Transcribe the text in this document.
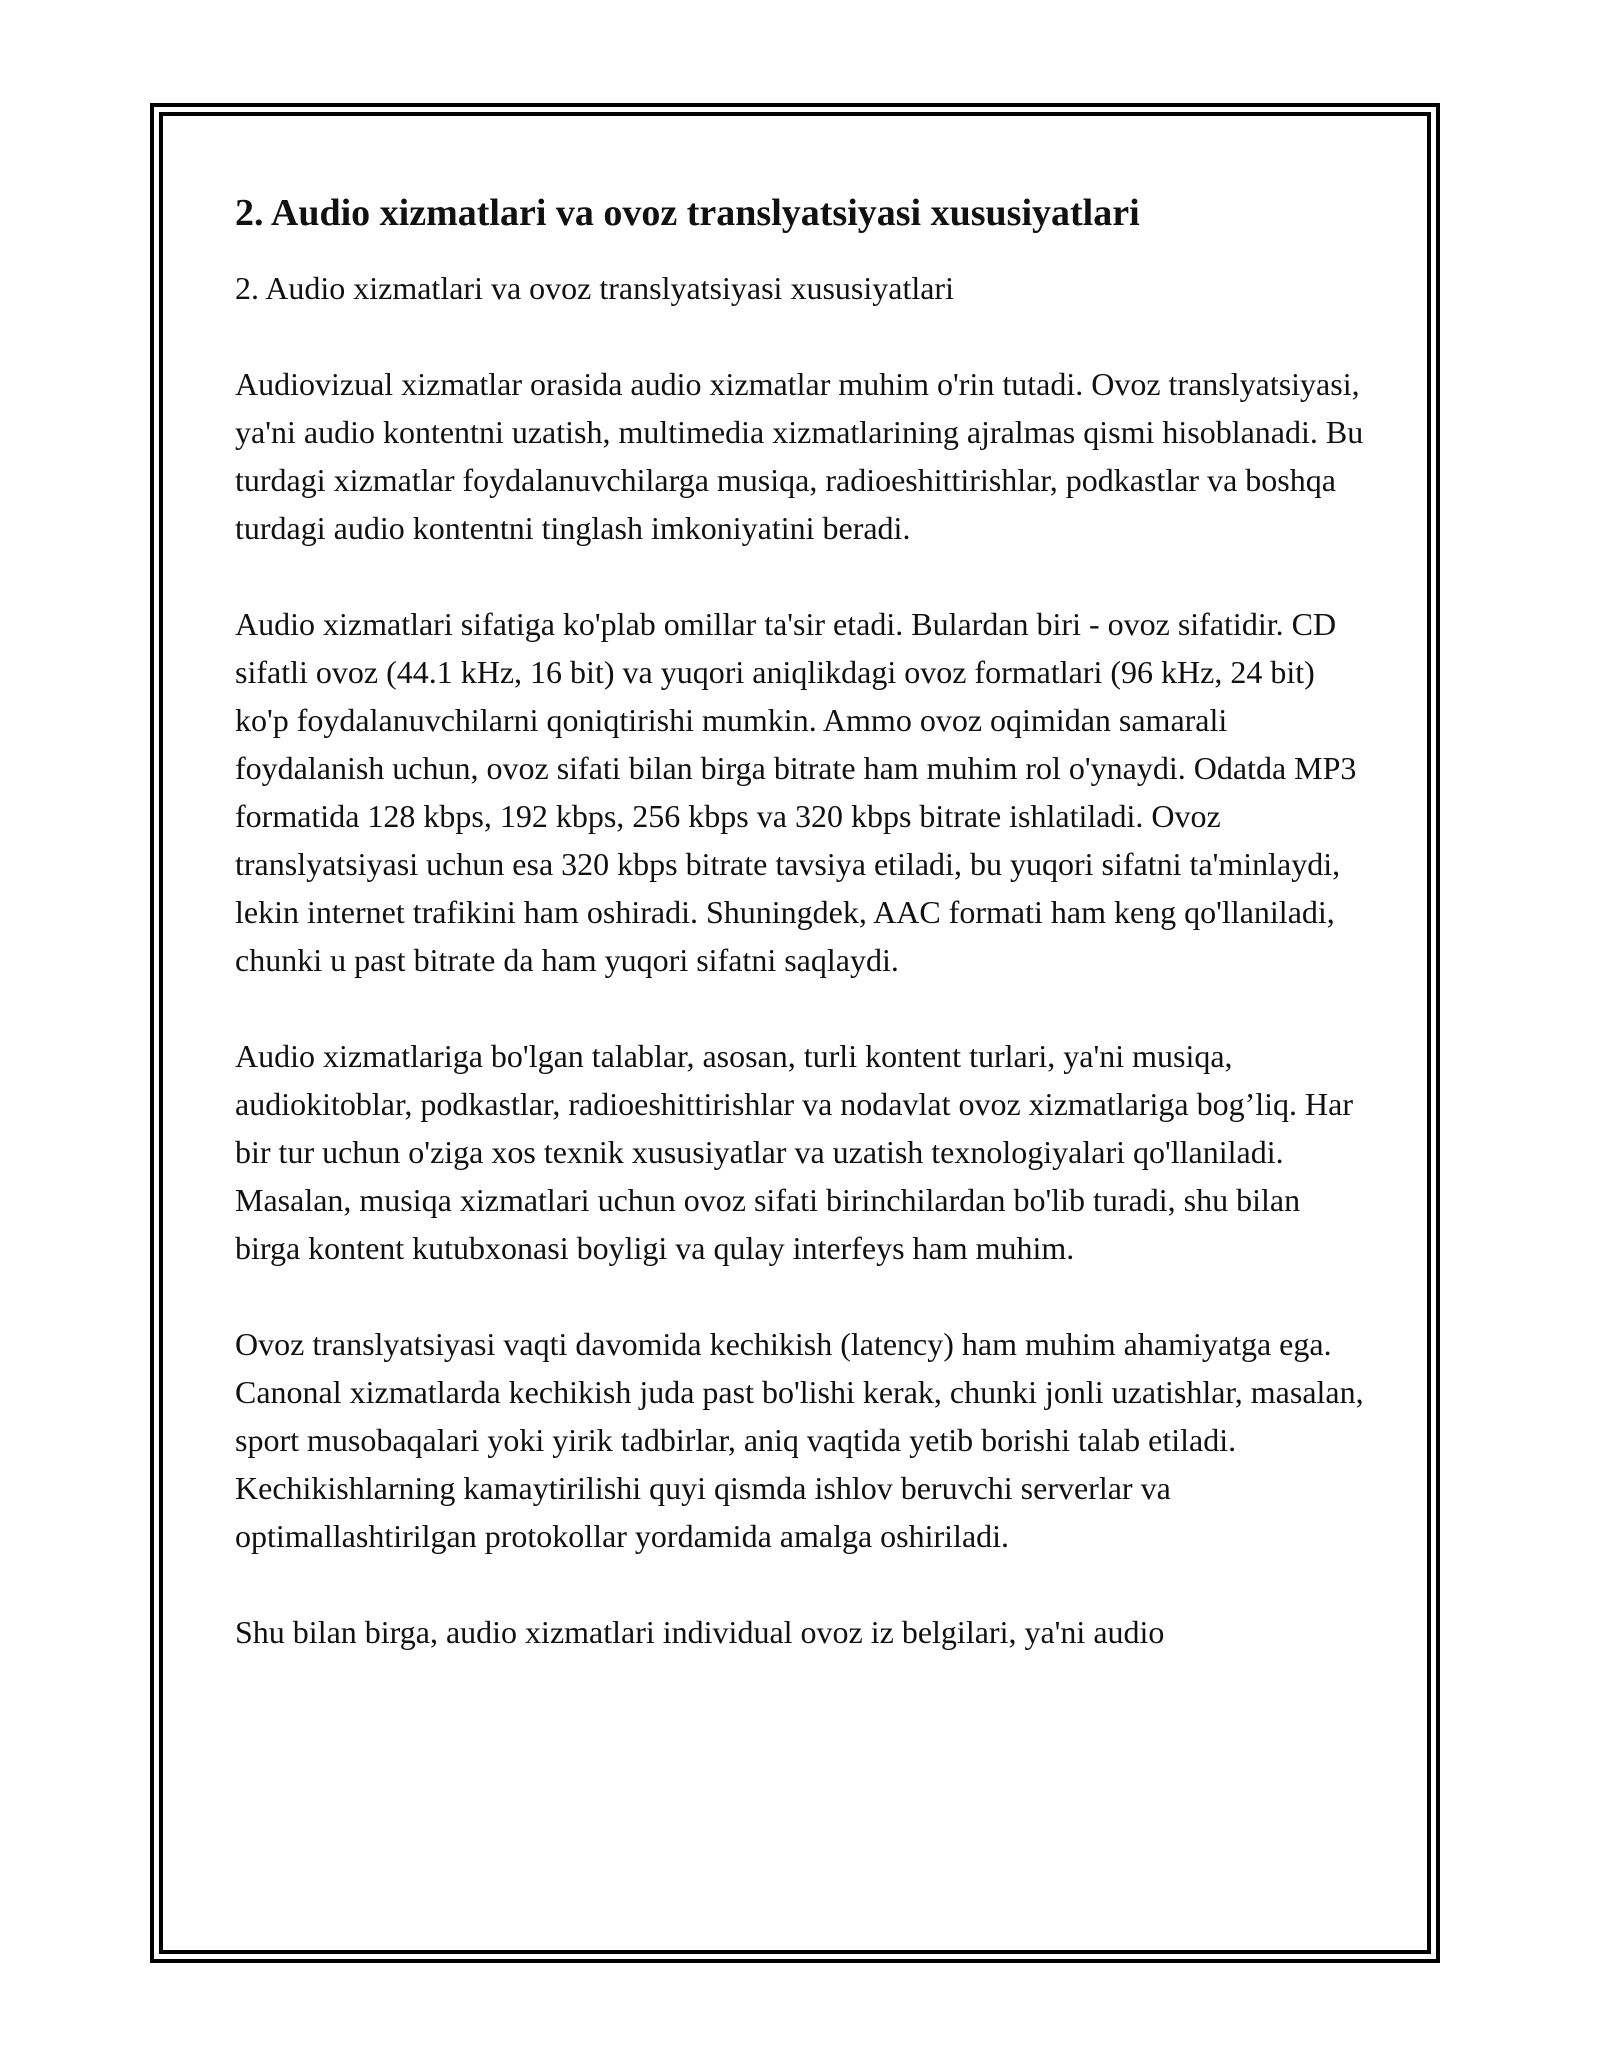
2. Audio xizmatlari va ovoz translyatsiyasi xususiyatlari

2. Audio xizmatlari va ovoz translyatsiyasi xususiyatlari

Audiovizual xizmatlar orasida audio xizmatlar muhim o'rin tutadi. Ovoz translyatsiyasi, ya'ni audio kontentni uzatish, multimedia xizmatlarining ajralmas qismi hisoblanadi. Bu turdagi xizmatlar foydalanuvchilarga musiqa, radioeshittirishlar, podkastlar va boshqa turdagi audio kontentni tinglash imkoniyatini beradi.

Audio xizmatlari sifatiga ko'plab omillar ta'sir etadi. Bulardan biri - ovoz sifatidir. CD sifatli ovoz (44.1 kHz, 16 bit) va yuqori aniqlikdagi ovoz formatlari (96 kHz, 24 bit) ko'p foydalanuvchilarni qoniqtirishi mumkin. Ammo ovoz oqimidan samarali foydalanish uchun, ovoz sifati bilan birga bitrate ham muhim rol o'ynaydi. Odatda MP3 formatida 128 kbps, 192 kbps, 256 kbps va 320 kbps bitrate ishlatiladi. Ovoz translyatsiyasi uchun esa 320 kbps bitrate tavsiya etiladi, bu yuqori sifatni ta'minlaydi, lekin internet trafikini ham oshiradi. Shuningdek, AAC formati ham keng qo'llaniladi, chunki u past bitrate da ham yuqori sifatni saqlaydi.

Audio xizmatlariga bo'lgan talablar, asosan, turli kontent turlari, ya'ni musiqa, audiokitoblar, podkastlar, radioeshittirishlar va nodavlat ovoz xizmatlariga bog’liq. Har bir tur uchun o'ziga xos texnik xususiyatlar va uzatish texnologiyalari qo'llaniladi. Masalan, musiqa xizmatlari uchun ovoz sifati birinchilardan bo'lib turadi, shu bilan birga kontent kutubxonasi boyligi va qulay interfeys ham muhim.

Ovoz translyatsiyasi vaqti davomida kechikish (latency) ham muhim ahamiyatga ega. Canonal xizmatlarda kechikish juda past bo'lishi kerak, chunki jonli uzatishlar, masalan, sport musobaqalari yoki yirik tadbirlar, aniq vaqtida yetib borishi talab etiladi. Kechikishlarning kamaytirilishi quyi qismda ishlov beruvchi serverlar va optimallashtirilgan protokollar yordamida amalga oshiriladi.

Shu bilan birga, audio xizmatlari individual ovoz iz belgilari, ya'ni audio
